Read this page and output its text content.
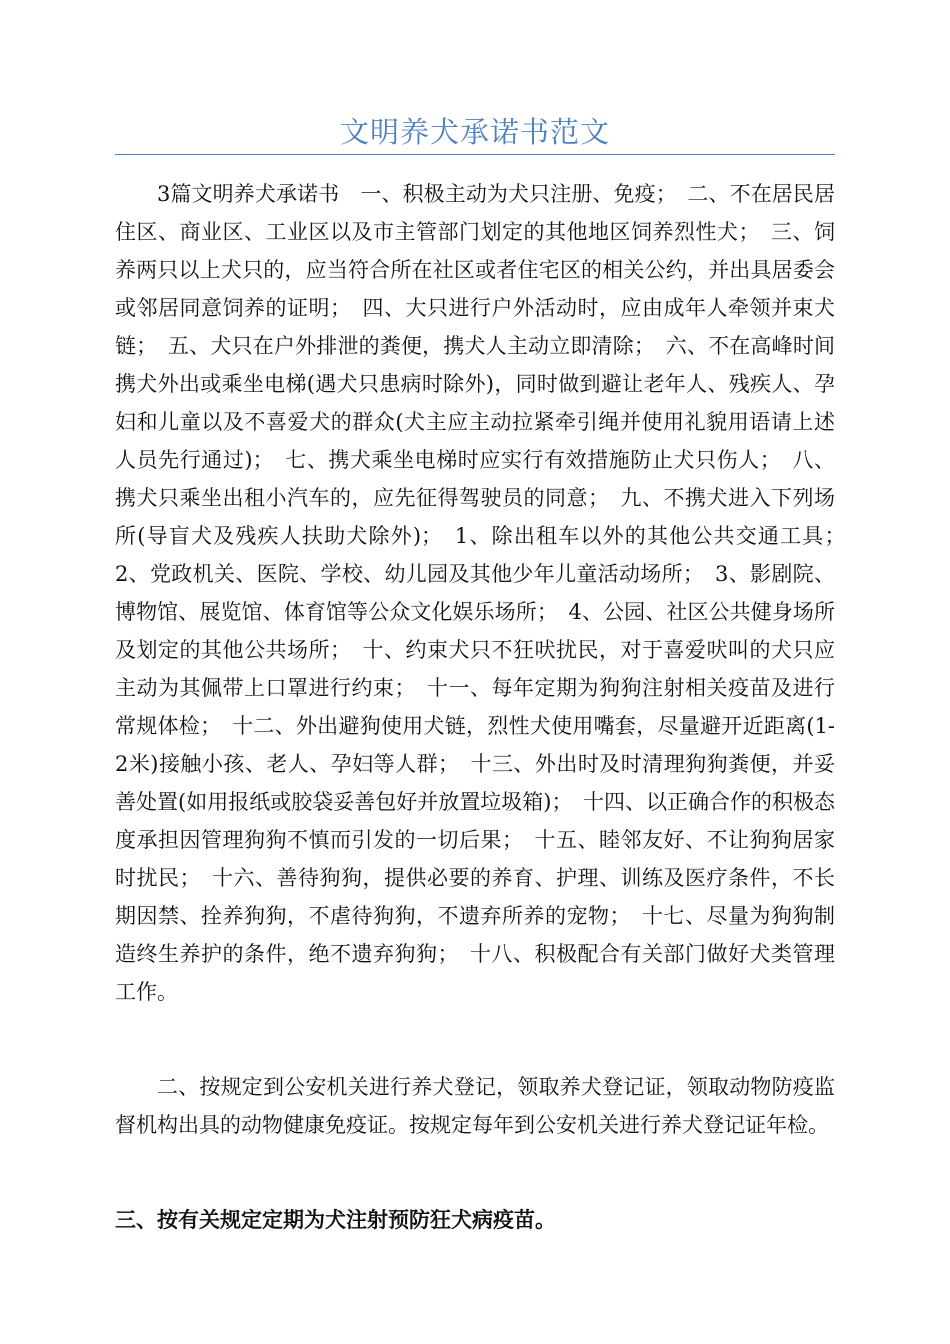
文明养犬承诺书范文

3篇文明养犬承诺书　一、积极主动为犬只注册、免疫；　二、不在居民居住区、商业区、工业区以及市主管部门划定的其他地区饲养烈性犬；　三、饲养两只以上犬只的，应当符合所在社区或者住宅区的相关公约，并出具居委会或邻居同意饲养的证明；　四、大只进行户外活动时，应由成年人牵领并束犬链；　五、犬只在户外排泄的粪便，携犬人主动立即清除；　六、不在高峰时间携犬外出或乘坐电梯(遇犬只患病时除外)，同时做到避让老年人、残疾人、孕妇和儿童以及不喜爱犬的群众(犬主应主动拉紧牵引绳并使用礼貌用语请上述人员先行通过)；　七、携犬乘坐电梯时应实行有效措施防止犬只伤人；　八、携犬只乘坐出租小汽车的，应先征得驾驶员的同意；　九、不携犬进入下列场所(导盲犬及残疾人扶助犬除外)；　1、除出租车以外的其他公共交通工具；　2、党政机关、医院、学校、幼儿园及其他少年儿童活动场所；　3、影剧院、博物馆、展览馆、体育馆等公众文化娱乐场所；　4、公园、社区公共健身场所及划定的其他公共场所；　十、约束犬只不狂吠扰民，对于喜爱吠叫的犬只应主动为其佩带上口罩进行约束；　十一、每年定期为狗狗注射相关疫苗及进行常规体检；　十二、外出避狗使用犬链，烈性犬使用嘴套，尽量避开近距离(1-2米)接触小孩、老人、孕妇等人群；　十三、外出时及时清理狗狗粪便，并妥善处置(如用报纸或胶袋妥善包好并放置垃圾箱)；　十四、以正确合作的积极态度承担因管理狗狗不慎而引发的一切后果；　十五、睦邻友好、不让狗狗居家时扰民；　十六、善待狗狗，提供必要的养育、护理、训练及医疗条件，不长期因禁、拴养狗狗，不虐待狗狗，不遗弃所养的宠物；　十七、尽量为狗狗制造终生养护的条件，绝不遗弃狗狗；　十八、积极配合有关部门做好犬类管理工作。

二、按规定到公安机关进行养犬登记，领取养犬登记证，领取动物防疫监督机构出具的动物健康免疫证。按规定每年到公安机关进行养犬登记证年检。

三、按有关规定定期为犬注射预防狂犬病疫苗。
